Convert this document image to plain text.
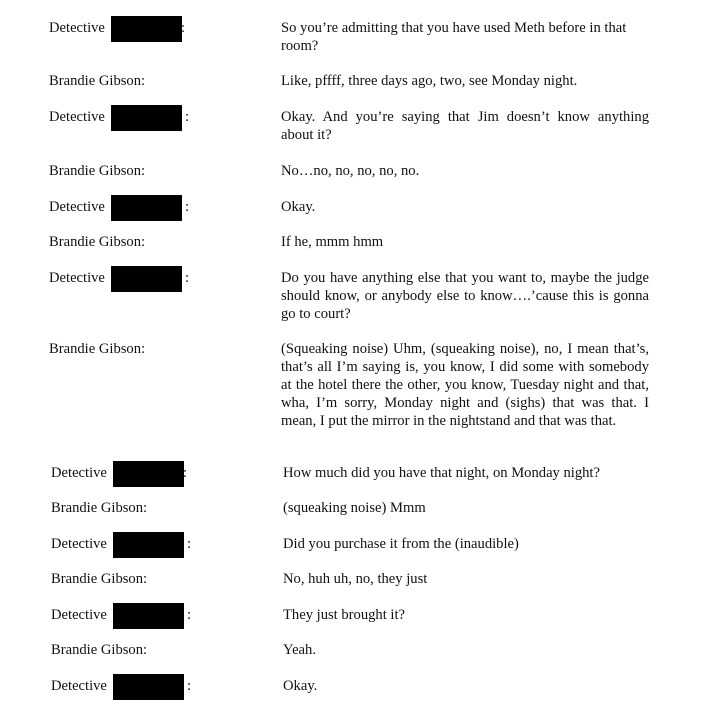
Detective	:	So you’re admitting that you have used Meth before in that room?
Brandie Gibson:	Like, pffff, three days ago, two, see Monday night.
Detective	:	Okay. And you’re saying that Jim doesn’t know anything about it?
Brandie Gibson:	No…no, no, no, no, no.
Detective	:	Okay.
Brandie Gibson:	If he, mmm hmm
Detective	:	Do you have anything else that you want to, maybe the judge should know, or anybody else to know….’cause this is gonna go to court?
Brandie Gibson:	(Squeaking noise) Uhm, (squeaking noise), no, I mean that’s, that’s all I’m saying is, you know, I did some with somebody at the hotel there the other, you know, Tuesday night and that, wha, I’m sorry, Monday night and (sighs) that was that. I mean, I put the mirror in the nightstand and that was that.
Detective	:	How much did you have that night, on Monday night?
Brandie Gibson:	(squeaking noise) Mmm
Detective	:	Did you purchase it from the (inaudible)
Brandie Gibson:	No, huh uh, no, they just
Detective	:	They just brought it?
Brandie Gibson:	Yeah.
Detective	:	Okay.
